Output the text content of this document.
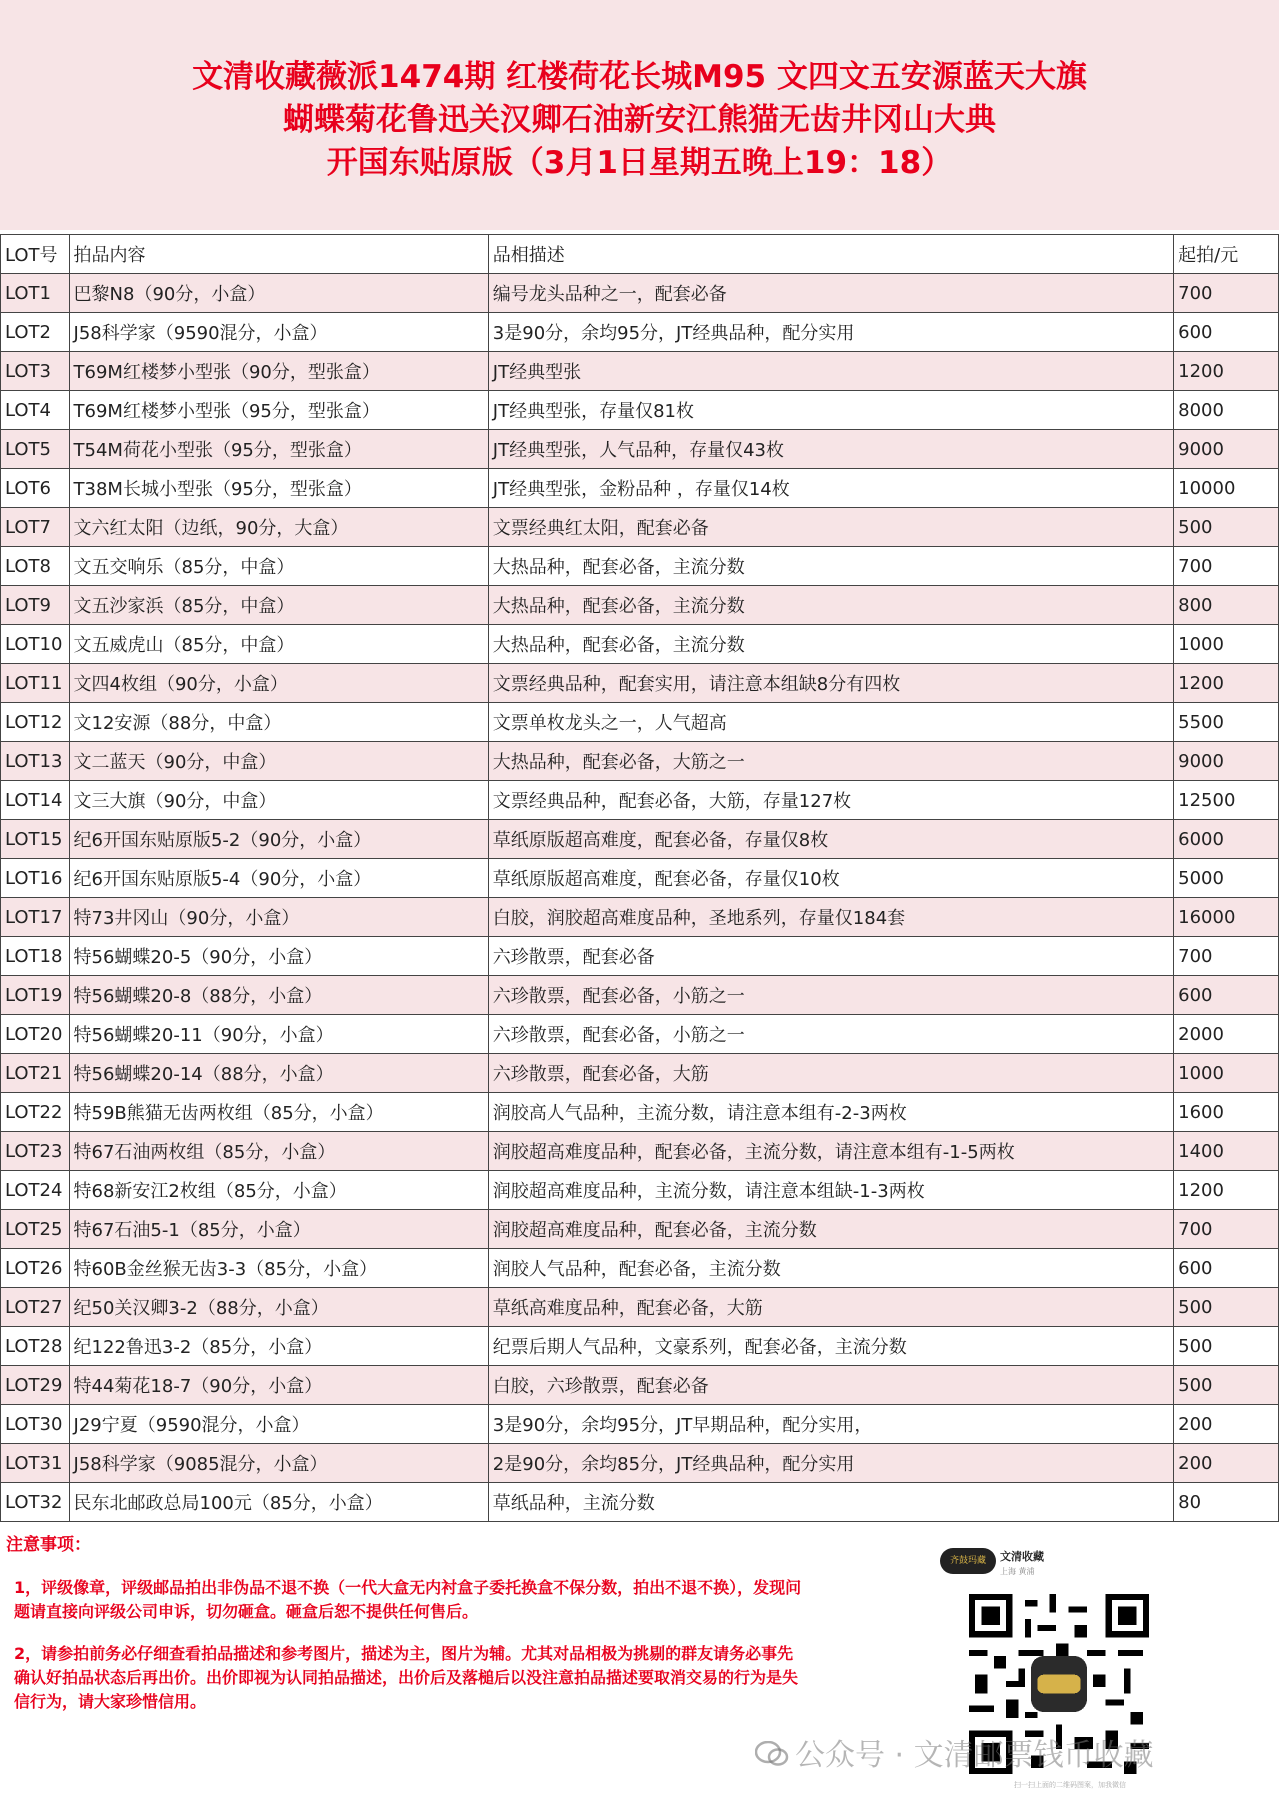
文清收藏薇派1474期 红楼荷花长城M95 文四文五安源蓝天大旗
蝴蝶菊花鲁迅关汉卿石油新安江熊猫无齿井冈山大典
开国东贴原版（3月1日星期五晚上19：18）
LOT号	拍品内容	品相描述	起拍/元
LOT1	巴黎N8（90分，小盒）	编号龙头品种之一，配套必备	700
LOT2	J58科学家（9590混分，小盒）	3是90分，余均95分，JT经典品种，配分实用	600
LOT3	T69M红楼梦小型张（90分，型张盒）	JT经典型张	1200
LOT4	T69M红楼梦小型张（95分，型张盒）	JT经典型张，存量仅81枚	8000
LOT5	T54M荷花小型张（95分，型张盒）	JT经典型张，人气品种，存量仅43枚	9000
LOT6	T38M长城小型张（95分，型张盒）	JT经典型张，金粉品种 ，存量仅14枚	10000
LOT7	文六红太阳（边纸，90分，大盒）	文票经典红太阳，配套必备	500
LOT8	文五交响乐（85分，中盒）	大热品种，配套必备，主流分数	700
LOT9	文五沙家浜（85分，中盒）	大热品种，配套必备，主流分数	800
LOT10	文五威虎山（85分，中盒）	大热品种，配套必备，主流分数	1000
LOT11	文四4枚组（90分，小盒）	文票经典品种，配套实用，请注意本组缺8分有四枚	1200
LOT12	文12安源（88分，中盒）	文票单枚龙头之一，人气超高	5500
LOT13	文二蓝天（90分，中盒）	大热品种，配套必备，大筋之一	9000
LOT14	文三大旗（90分，中盒）	文票经典品种，配套必备，大筋，存量127枚	12500
LOT15	纪6开国东贴原版5-2（90分，小盒）	草纸原版超高难度，配套必备，存量仅8枚	6000
LOT16	纪6开国东贴原版5-4（90分，小盒）	草纸原版超高难度，配套必备，存量仅10枚	5000
LOT17	特73井冈山（90分，小盒）	白胶，润胶超高难度品种，圣地系列，存量仅184套	16000
LOT18	特56蝴蝶20-5（90分，小盒）	六珍散票，配套必备	700
LOT19	特56蝴蝶20-8（88分，小盒）	六珍散票，配套必备，小筋之一	600
LOT20	特56蝴蝶20-11（90分，小盒）	六珍散票，配套必备，小筋之一	2000
LOT21	特56蝴蝶20-14（88分，小盒）	六珍散票，配套必备，大筋	1000
LOT22	特59B熊猫无齿两枚组（85分，小盒）	润胶高人气品种，主流分数，请注意本组有-2-3两枚	1600
LOT23	特67石油两枚组（85分，小盒）	润胶超高难度品种，配套必备，主流分数，请注意本组有-1-5两枚	1400
LOT24	特68新安江2枚组（85分，小盒）	润胶超高难度品种，主流分数，请注意本组缺-1-3两枚	1200
LOT25	特67石油5-1（85分，小盒）	润胶超高难度品种，配套必备，主流分数	700
LOT26	特60B金丝猴无齿3-3（85分，小盒）	润胶人气品种，配套必备，主流分数	600
LOT27	纪50关汉卿3-2（88分，小盒）	草纸高难度品种，配套必备，大筋	500
LOT28	纪122鲁迅3-2（85分，小盒）	纪票后期人气品种，文豪系列，配套必备，主流分数	500
LOT29	特44菊花18-7（90分，小盒）	白胶，六珍散票，配套必备	500
LOT30	J29宁夏（9590混分，小盒）	3是90分，余均95分，JT早期品种，配分实用，	200
LOT31	J58科学家（9085混分，小盒）	2是90分，余均85分，JT经典品种，配分实用	200
LOT32	民东北邮政总局100元（85分，小盒）	草纸品种，主流分数	80
注意事项：

1，评级像章，评级邮品拍出非伪品不退不换（一代大盒无内衬盒子委托换盒不保分数，拍出不退不换），发现问题请直接向评级公司申诉，切勿砸盒。砸盒后恕不提供任何售后。

2，请参拍前务必仔细查看拍品描述和参考图片，描述为主，图片为辅。尤其对品相极为挑剔的群友请务必事先确认好拍品状态后再出价。出价即视为认同拍品描述，出价后及落槌后以没注意拍品描述要取消交易的行为是失信行为，请大家珍惜信用。

齐鼓玛藏	文清收藏
上海 黄浦
扫一扫上面的二维码图案，加我微信
公众号 · 文清邮票钱币收藏
